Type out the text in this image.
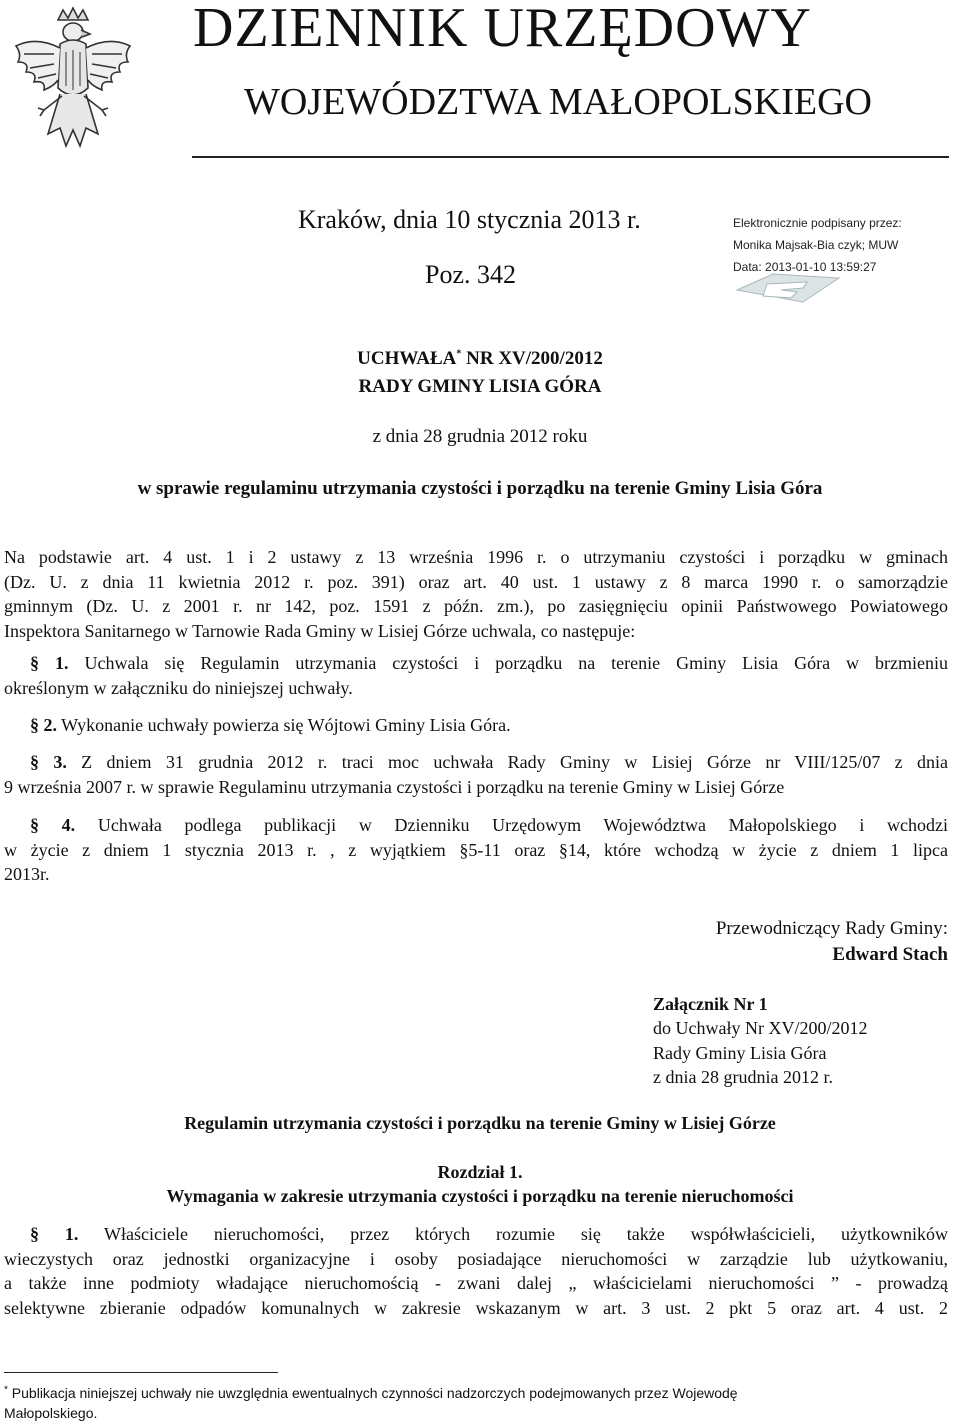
DZIENNIK URZĘDOWY
WOJEWÓDZTWA MAŁOPOLSKIEGO
Kraków, dnia 10 stycznia 2013 r.
Poz. 342
Elektronicznie podpisany przez:
Monika Majsak-Bia czyk; MUW
Data: 2013-01-10 13:59:27
UCHWAŁA* NR XV/200/2012
RADY GMINY LISIA GÓRA
z dnia 28 grudnia 2012 roku
w sprawie regulaminu utrzymania czystości i porządku na terenie Gminy Lisia Góra

Na podstawie art. 4 ust. 1 i 2 ustawy z 13 września 1996 r. o utrzymaniu czystości i porządku w gminach

(Dz. U. z dnia 11 kwietnia 2012 r. poz. 391) oraz art. 40 ust. 1 ustawy z 8 marca 1990 r. o samorządzie

gminnym (Dz. U. z 2001 r. nr 142, poz. 1591 z późn. zm.), po zasięgnięciu opinii Państwowego Powiatowego

Inspektora Sanitarnego w Tarnowie Rada Gminy w Lisiej Górze uchwala, co następuje:

§ 1. Uchwala się Regulamin utrzymania czystości i porządku na terenie Gminy Lisia Góra w brzmieniu

określonym w załączniku do niniejszej uchwały.

§ 2. Wykonanie uchwały powierza się Wójtowi Gminy Lisia Góra.

§ 3. Z dniem 31 grudnia 2012 r. traci moc uchwała Rady Gminy w Lisiej Górze nr VIII/125/07 z dnia

9 września 2007 r. w sprawie Regulaminu utrzymania czystości i porządku na terenie Gminy w Lisiej Górze

§ 4. Uchwała podlega publikacji w Dzienniku Urzędowym Województwa Małopolskiego i wchodzi

w życie z dniem 1 stycznia 2013 r. , z wyjątkiem §5-11 oraz §14, które wchodzą w życie z dniem 1 lipca

2013r.

Przewodniczący Rady Gminy:
Edward Stach
Załącznik Nr 1
do Uchwały Nr XV/200/2012
Rady Gminy Lisia Góra
z dnia 28 grudnia 2012 r.
Regulamin utrzymania czystości i porządku na terenie Gminy w Lisiej Górze
Rozdział 1.
Wymagania w zakresie utrzymania czystości i porządku na terenie nieruchomości

§ 1. Właściciele nieruchomości, przez których rozumie się także współwłaścicieli, użytkowników

wieczystych oraz jednostki organizacyjne i osoby posiadające nieruchomości w zarządzie lub użytkowaniu,

a także inne podmioty władające nieruchomością - zwani dalej „ właścicielami nieruchomości ” - prowadzą

selektywne zbieranie odpadów komunalnych w zakresie wskazanym w art. 3 ust. 2 pkt 5 oraz art. 4 ust. 2

* Publikacja niniejszej uchwały nie uwzględnia ewentualnych czynności nadzorczych podejmowanych przez Wojewodę
Małopolskiego.
